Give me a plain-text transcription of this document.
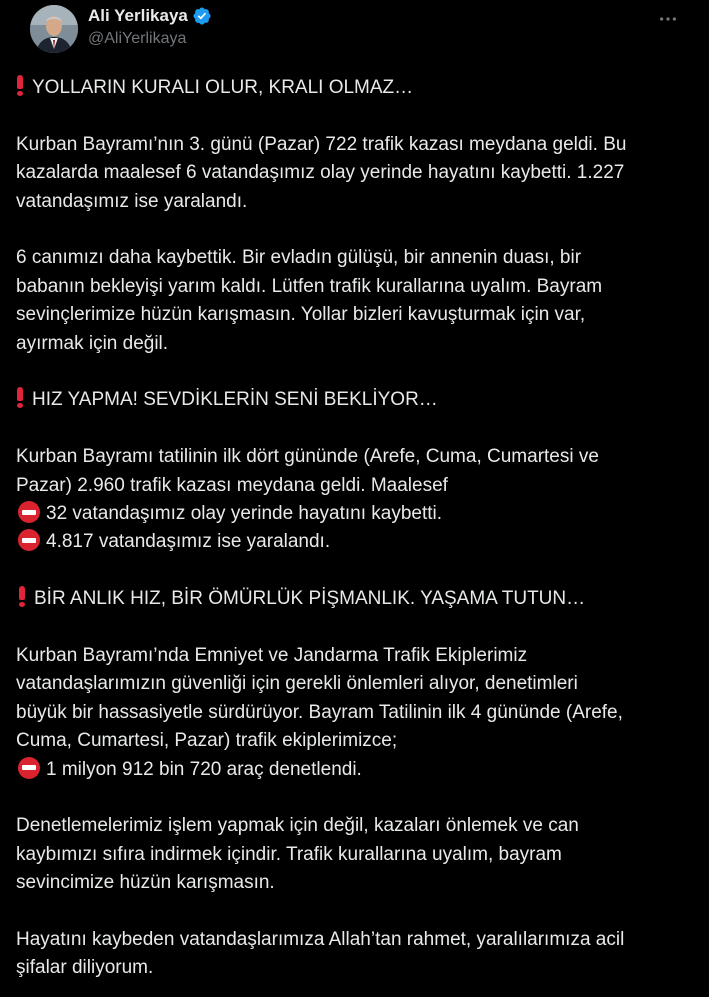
Ali Yerlikaya
@AliYerlikaya

YOLLARIN KURALI OLUR, KRALI OLMAZ…

Kurban Bayramı’nın 3. günü (Pazar) 722 trafik kazası meydana geldi. Bu

kazalarda maalesef 6 vatandaşımız olay yerinde hayatını kaybetti. 1.227

vatandaşımız ise yaralandı.

6 canımızı daha kaybettik. Bir evladın gülüşü, bir annenin duası, bir

babanın bekleyişi yarım kaldı. Lütfen trafik kurallarına uyalım. Bayram

sevinçlerimize hüzün karışmasın. Yollar bizleri kavuşturmak için var,

ayırmak için değil.

HIZ YAPMA! SEVDİKLERİN SENİ BEKLİYOR…

Kurban Bayramı tatilinin ilk dört gününde (Arefe, Cuma, Cumartesi ve

Pazar) 2.960 trafik kazası meydana geldi. Maalesef

32 vatandaşımız olay yerinde hayatını kaybetti.

4.817 vatandaşımız ise yaralandı.

BİR ANLIK HIZ, BİR ÖMÜRLÜK PİŞMANLIK. YAŞAMA TUTUN…

Kurban Bayramı’nda Emniyet ve Jandarma Trafik Ekiplerimiz

vatandaşlarımızın güvenliği için gerekli önlemleri alıyor, denetimleri

büyük bir hassasiyetle sürdürüyor. Bayram Tatilinin ilk 4 gününde (Arefe,

Cuma, Cumartesi, Pazar) trafik ekiplerimizce;

1 milyon 912 bin 720 araç denetlendi.

Denetlemelerimiz işlem yapmak için değil, kazaları önlemek ve can

kaybımızı sıfıra indirmek içindir. Trafik kurallarına uyalım, bayram

sevincimize hüzün karışmasın.

Hayatını kaybeden vatandaşlarımıza Allah’tan rahmet, yaralılarımıza acil

şifalar diliyorum.
